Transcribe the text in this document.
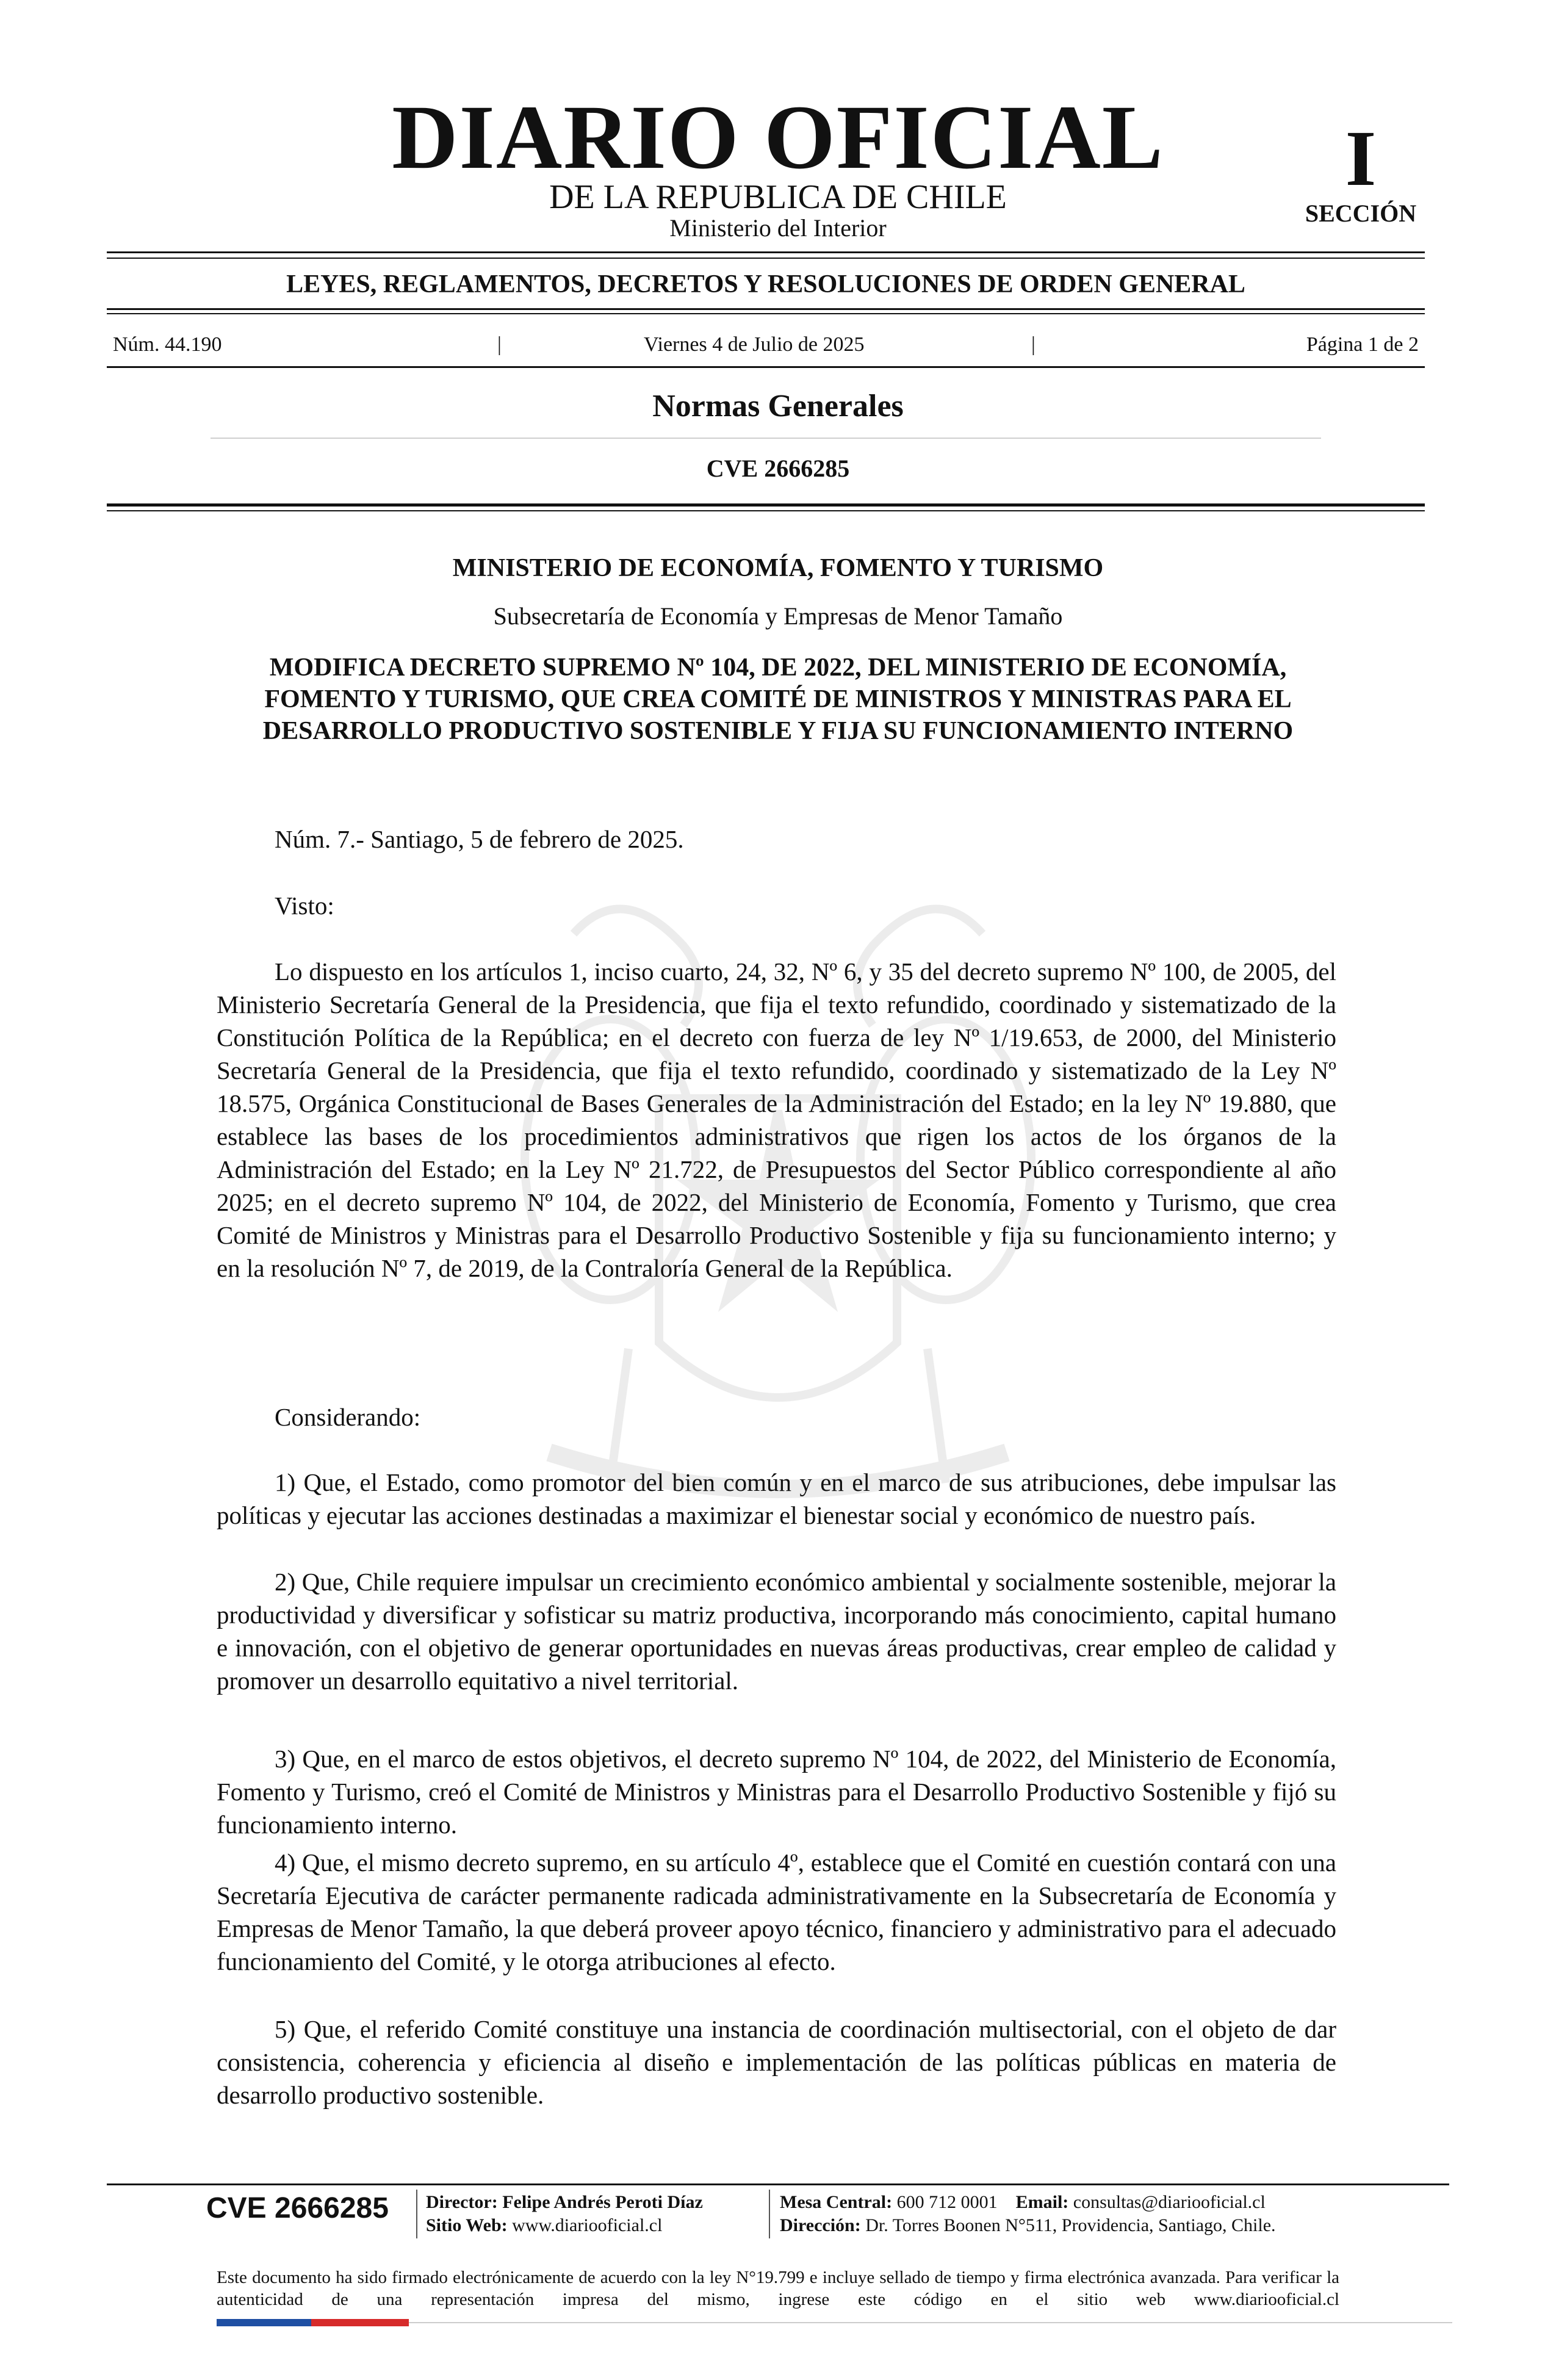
DIARIO OFICIAL
DE LA REPUBLICA DE CHILE
Ministerio del Interior
I
SECCIÓN
LEYES, REGLAMENTOS, DECRETOS Y RESOLUCIONES DE ORDEN GENERAL
Núm. 44.190	|	Viernes 4 de Julio de 2025	|	Página 1 de 2
Normas Generales
CVE 2666285
MINISTERIO DE ECONOMÍA, FOMENTO Y TURISMO
Subsecretaría de Economía y Empresas de Menor Tamaño
MODIFICA DECRETO SUPREMO Nº 104, DE 2022, DEL MINISTERIO DE ECONOMÍA, FOMENTO Y TURISMO, QUE CREA COMITÉ DE MINISTROS Y MINISTRAS PARA EL DESARROLLO PRODUCTIVO SOSTENIBLE Y FIJA SU FUNCIONAMIENTO INTERNO
Núm. 7.- Santiago, 5 de febrero de 2025.
Visto:
Lo dispuesto en los artículos 1, inciso cuarto, 24, 32, Nº 6, y 35 del decreto supremo Nº 100, de 2005, del Ministerio Secretaría General de la Presidencia, que fija el texto refundido, coordinado y sistematizado de la Constitución Política de la República; en el decreto con fuerza de ley Nº 1/19.653, de 2000, del Ministerio Secretaría General de la Presidencia, que fija el texto refundido, coordinado y sistematizado de la Ley Nº 18.575, Orgánica Constitucional de Bases Generales de la Administración del Estado; en la ley Nº 19.880, que establece las bases de los procedimientos administrativos que rigen los actos de los órganos de la Administración del Estado; en la Ley Nº 21.722, de Presupuestos del Sector Público correspondiente al año 2025; en el decreto supremo Nº 104, de 2022, del Ministerio de Economía, Fomento y Turismo, que crea Comité de Ministros y Ministras para el Desarrollo Productivo Sostenible y fija su funcionamiento interno; y en la resolución Nº 7, de 2019, de la Contraloría General de la República.
Considerando:
1) Que, el Estado, como promotor del bien común y en el marco de sus atribuciones, debe impulsar las políticas y ejecutar las acciones destinadas a maximizar el bienestar social y económico de nuestro país.
2) Que, Chile requiere impulsar un crecimiento económico ambiental y socialmente sostenible, mejorar la productividad y diversificar y sofisticar su matriz productiva, incorporando más conocimiento, capital humano e innovación, con el objetivo de generar oportunidades en nuevas áreas productivas, crear empleo de calidad y promover un desarrollo equitativo a nivel territorial.
3) Que, en el marco de estos objetivos, el decreto supremo Nº 104, de 2022, del Ministerio de Economía, Fomento y Turismo, creó el Comité de Ministros y Ministras para el Desarrollo Productivo Sostenible y fijó su funcionamiento interno.
4) Que, el mismo decreto supremo, en su artículo 4º, establece que el Comité en cuestión contará con una Secretaría Ejecutiva de carácter permanente radicada administrativamente en la Subsecretaría de Economía y Empresas de Menor Tamaño, la que deberá proveer apoyo técnico, financiero y administrativo para el adecuado funcionamiento del Comité, y le otorga atribuciones al efecto.
5) Que, el referido Comité constituye una instancia de coordinación multisectorial, con el objeto de dar consistencia, coherencia y eficiencia al diseño e implementación de las políticas públicas en materia de desarrollo productivo sostenible.
CVE 2666285 Director: Felipe Andrés Peroti Díaz
Sitio Web: www.diariooficial.cl
Mesa Central: 600 712 0001 Email: consultas@diariooficial.cl
Dirección: Dr. Torres Boonen N°511, Providencia, Santiago, Chile.
Este documento ha sido firmado electrónicamente de acuerdo con la ley N°19.799 e incluye sellado de tiempo y firma electrónica avanzada. Para verificar la autenticidad de una representación impresa del mismo, ingrese este código en el sitio web www.diariooficial.cl
